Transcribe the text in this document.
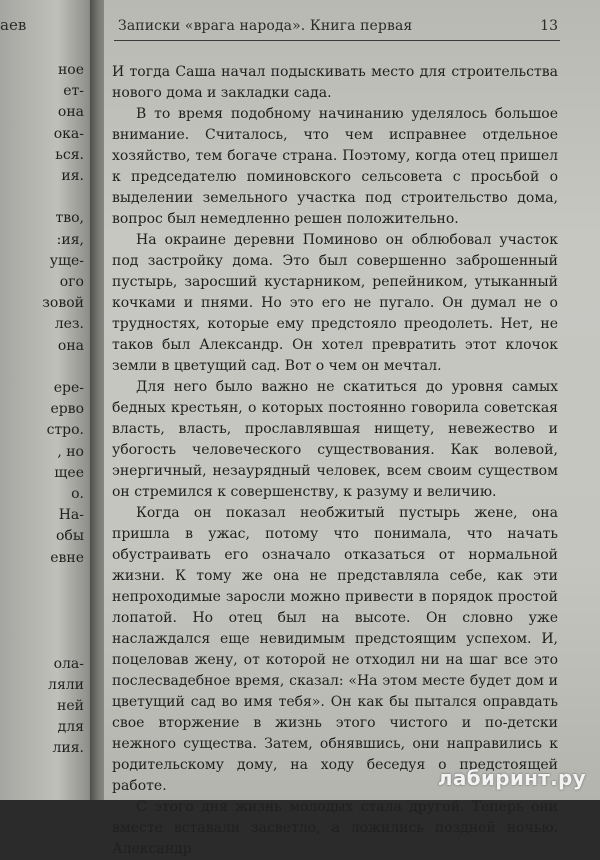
аев
ное
ет-
она
ока-
ься.
ия.
тво,
:ия,
уще-
ого
зовой
лез.
она
ере-
ерво
стро.
, но
щее
о.
На-
обы
евне
ола-
ляли
ней
для
лия.
Записки «врага народа». Книга первая	13

И тогда Саша начал подыскивать место для строительства нового дома и закладки сада.

В то время подобному начинанию уделялось большое внимание. Считалось, что чем исправнее отдельное хозяйство, тем богаче страна. Поэтому, когда отец пришел к председателю поминовского сельсовета с просьбой о выделении земельного участка под строительство дома, вопрос был немедленно решен положительно.

На окраине деревни Поминово он облюбовал участок под застройку дома. Это был совершенно заброшенный пустырь, заросший кустарником, репейником, утыканный кочками и пнями. Но это его не пугало. Он думал не о трудностях, которые ему предстояло преодолеть. Нет, не таков был Александр. Он хотел превратить этот клочок земли в цветущий сад. Вот о чем он мечтал.

Для него было важно не скатиться до уровня самых бедных крестьян, о которых постоянно говорила советская власть, власть, прославлявшая нищету, невежество и убогость человеческого существования. Как волевой, энергичный, незаурядный человек, всем своим существом он стремился к совершенству, к разуму и величию.

Когда он показал необжитый пустырь жене, она пришла в ужас, потому что понимала, что начать обустраивать его означало отказаться от нормальной жизни. К тому же она не представляла себе, как эти непроходимые заросли можно привести в порядок простой лопатой. Но отец был на высоте. Он словно уже наслаждался еще невидимым предстоящим успехом. И, поцеловав жену, от которой не отходил ни на шаг все это послесвадебное время, сказал: «На этом месте будет дом и цветущий сад во имя тебя». Он как бы пытался оправдать свое вторжение в жизнь этого чистого и по-детски нежного существа. Затем, обнявшись, они направились к родительскому дому, на ходу беседуя о предстоящей работе.

С этого дня жизнь молодых стала другой. Теперь они вместе вставали засветло, а ложились поздней ночью. Александр

лабиринт.ру
